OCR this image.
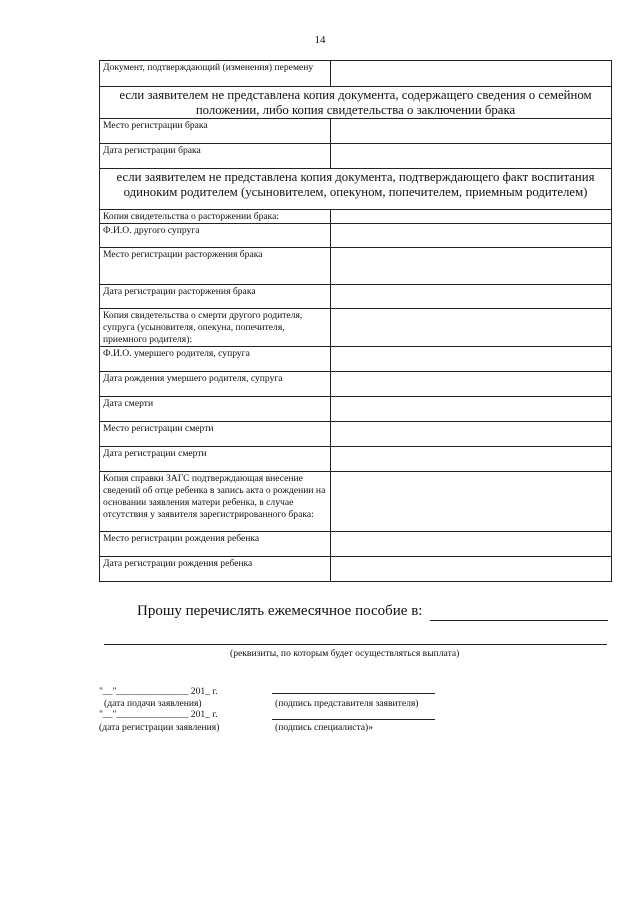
14
Документ, подтверждающий (изменения) перемену	
если заявителем не представлена копия документа, содержащего сведения о семейном положении, либо копия свидетельства о заключении брака	
Место регистрации брака	
Дата регистрации брака	
если заявителем не представлена копия документа, подтверждающего факт воспитания одиноким родителем (усыновителем, опекуном, попечителем, приемным родителем)	
Копия свидетельства о расторжении брака:	
Ф.И.О. другого супруга	
Место регистрации расторжения брака	
Дата регистрации расторжения брака	
Копия свидетельства о смерти другого родителя, супруга (усыновителя, опекуна, попечителя, приемного родителя):	
Ф.И.О. умершего родителя, супруга	
Дата рождения умершего родителя, супруга	
Дата смерти	
Место регистрации смерти	
Дата регистрации смерти	
Копия справки ЗАГС подтверждающая внесение сведений об отце ребенка в запись акта о рождении на основании заявления матери ребенка, в случае отсутствия у заявителя зарегистрированного брака:	
Место регистрации рождения ребенка	
Дата регистрации рождения ребенка	
Прошу перечислять ежемесячное пособие в:
(реквизиты, по которым будет осуществляться выплата)
"__"_______________ 201_ г.
(дата подачи заявления)	(подпись представителя заявителя)
"__"_______________ 201_ г.
(дата регистрации заявления)	(подпись специалиста)»
